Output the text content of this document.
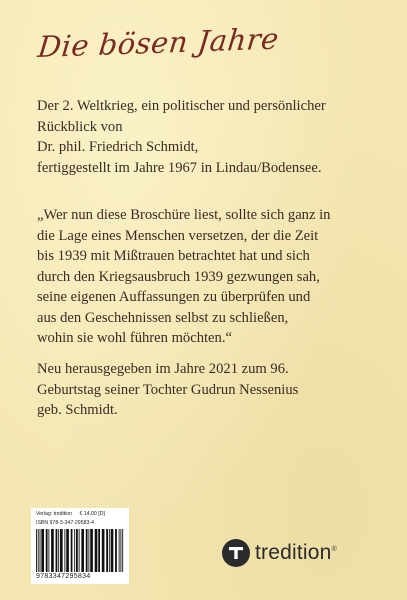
Die bösen Jahre
Der 2. Weltkrieg, ein politischer und persönlicher
Rückblick von
Dr. phil. Friedrich Schmidt,
fertiggestellt im Jahre 1967 in Lindau/Bodensee.
„Wer nun diese Broschüre liest, sollte sich ganz in
die Lage eines Menschen versetzen, der die Zeit
bis 1939 mit Mißtrauen betrachtet hat und sich
durch den Kriegsausbruch 1939 gezwungen sah,
seine eigenen Auffassungen zu überprüfen und
aus den Geschehnissen selbst zu schließen,
wohin sie wohl führen möchten.“
Neu herausgegeben im Jahre 2021 zum 96.
Geburtstag seiner Tochter Gudrun Nessenius
geb. Schmidt.
Verlag: tredition € 14,00 [D]
ISBN 978-3-347-29583-4
9783347295834
tredition®
